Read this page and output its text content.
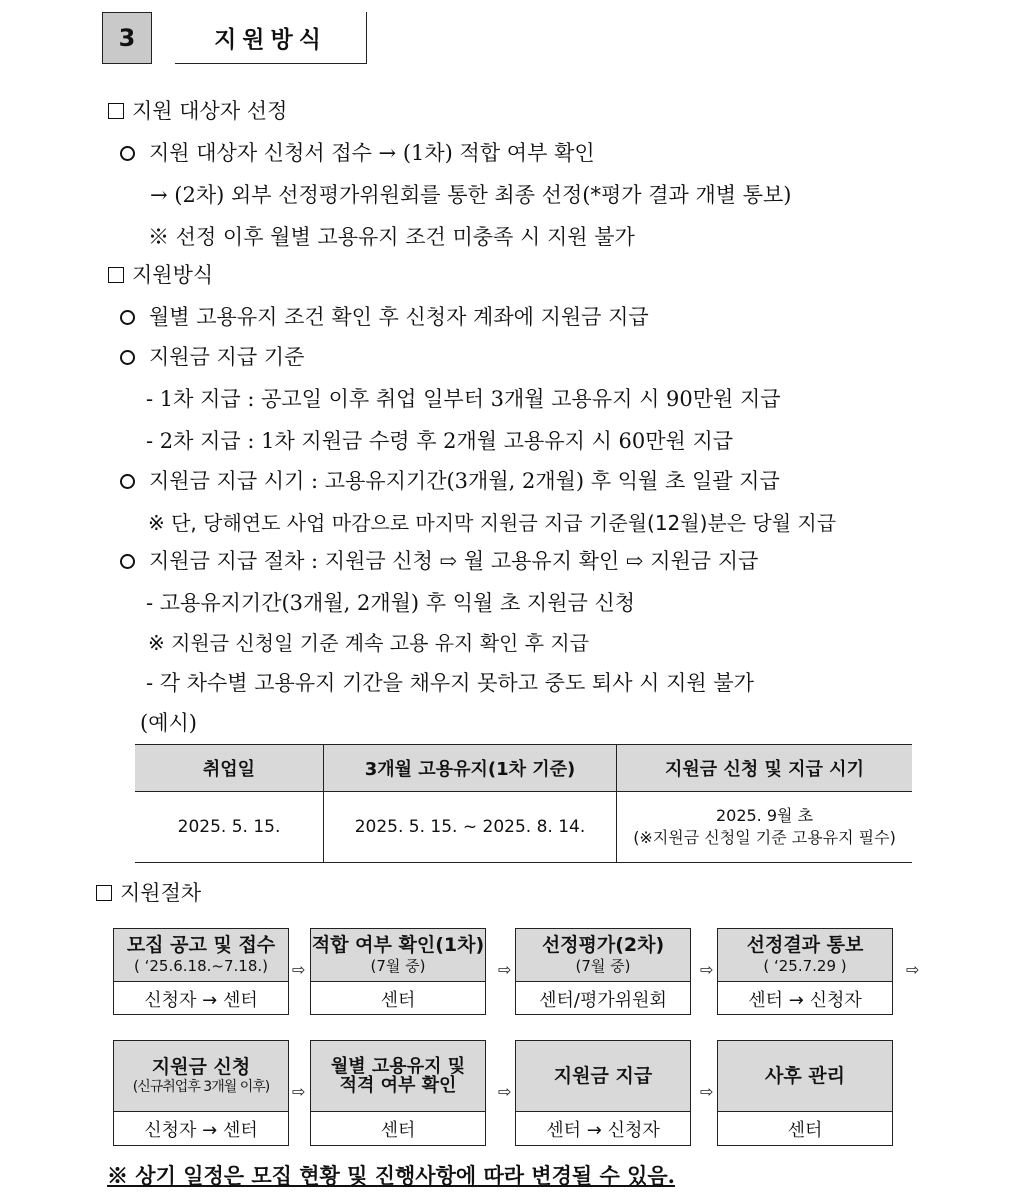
3	지원방식
지원 대상자 선정
지원 대상자 신청서 접수 → (1차) 적합 여부 확인
→ (2차) 외부 선정평가위원회를 통한 최종 선정(*평가 결과 개별 통보)
※ 선정 이후 월별 고용유지 조건 미충족 시 지원 불가
지원방식
월별 고용유지 조건 확인 후 신청자 계좌에 지원금 지급
지원금 지급 기준
- 1차 지급 : 공고일 이후 취업 일부터 3개월 고용유지 시 90만원 지급
- 2차 지급 : 1차 지원금 수령 후 2개월 고용유지 시 60만원 지급
지원금 지급 시기 : 고용유지기간(3개월, 2개월) 후 익월 초 일괄 지급
※ 단, 당해연도 사업 마감으로 마지막 지원금 지급 기준월(12월)분은 당월 지급
지원금 지급 절차 : 지원금 신청 ⇨ 월 고용유지 확인 ⇨ 지원금 지급
- 고용유지기간(3개월, 2개월) 후 익월 초 지원금 신청
※ 지원금 신청일 기준 계속 고용 유지 확인 후 지급
- 각 차수별 고용유지 기간을 채우지 못하고 중도 퇴사 시 지원 불가
(예시)
취업일	3개월 고용유지(1차 기준)	지원금 신청 및 지급 시기
2025. 5. 15.	2025. 5. 15. ~ 2025. 8. 14.	2025. 9월 초
(※지원금 신청일 기준 고용유지 필수)
지원절차
모집 공고 및 접수
( ‘25.6.18.~7.18.)
신청자 → 센터
⇨
적합 여부 확인(1차)
(7월 중)
센터
⇨
선정평가(2차)
(7월 중)
센터/평가위원회
⇨
선정결과 통보
( ‘25.7.29 )
센터 → 신청자
⇨
지원금 신청
(신규취업후 3개월 이후)
신청자 → 센터
⇨
월별 고용유지 및
적격 여부 확인
센터
⇨
지원금 지급
센터 → 신청자
⇨
사후 관리
센터
※ 상기 일정은 모집 현황 및 진행사항에 따라 변경될 수 있음.
